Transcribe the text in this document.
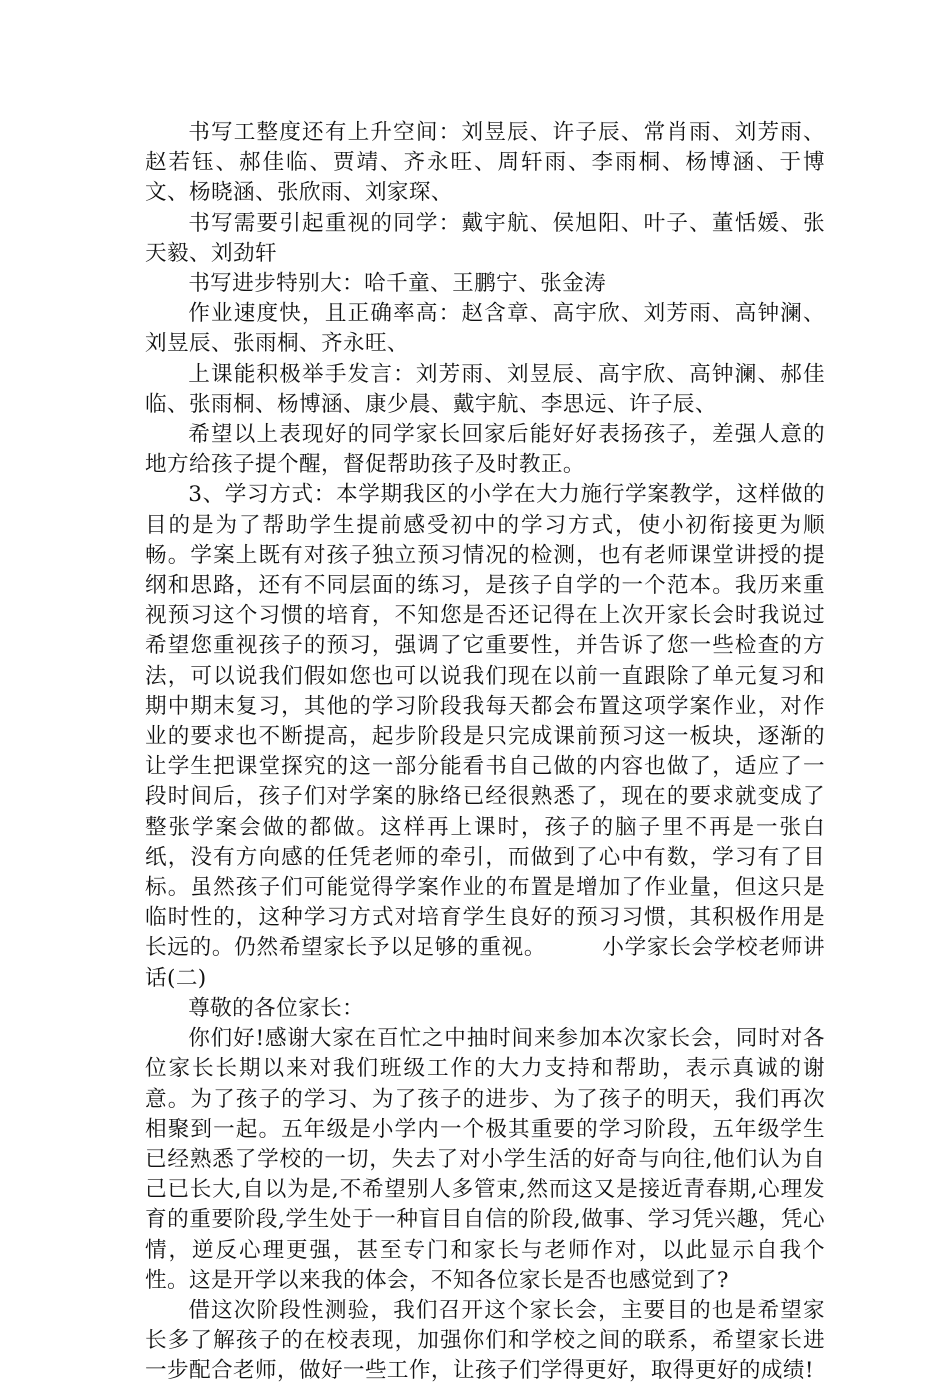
书写工整度还有上升空间：刘昱辰、许子辰、常肖雨、刘芳雨、赵若钰、郝佳临、贾靖、齐永旺、周轩雨、李雨桐、杨博涵、于博文、杨晓涵、张欣雨、刘家琛、

书写需要引起重视的同学：戴宇航、侯旭阳、叶子、董恬媛、张天毅、刘劲轩

书写进步特别大：哈千童、王鹏宁、张金涛

作业速度快，且正确率高：赵含章、高宇欣、刘芳雨、高钟澜、刘昱辰、张雨桐、齐永旺、

上课能积极举手发言：刘芳雨、刘昱辰、高宇欣、高钟澜、郝佳临、张雨桐、杨博涵、康少晨、戴宇航、李思远、许子辰、

希望以上表现好的同学家长回家后能好好表扬孩子，差强人意的地方给孩子提个醒，督促帮助孩子及时教正。

3、学习方式：本学期我区的小学在大力施行学案教学，这样做的目的是为了帮助学生提前感受初中的学习方式，使小初衔接更为顺畅。学案上既有对孩子独立预习情况的检测，也有老师课堂讲授的提纲和思路，还有不同层面的练习，是孩子自学的一个范本。我历来重视预习这个习惯的培育，不知您是否还记得在上次开家长会时我说过希望您重视孩子的预习，强调了它重要性，并告诉了您一些检查的方法，可以说我们假如您也可以说我们现在以前一直跟除了单元复习和期中期末复习，其他的学习阶段我每天都会布置这项学案作业，对作业的要求也不断提高，起步阶段是只完成课前预习这一板块，逐渐的让学生把课堂探究的这一部分能看书自己做的内容也做了，适应了一段时间后，孩子们对学案的脉络已经很熟悉了，现在的要求就变成了整张学案会做的都做。这样再上课时，孩子的脑子里不再是一张白纸，没有方向感的任凭老师的牵引，而做到了心中有数，学习有了目标。虽然孩子们可能觉得学案作业的布置是增加了作业量，但这只是临时性的，这种学习方式对培育学生良好的预习习惯，其积极作用是长远的。仍然希望家长予以足够的重视。	小学家长会学校老师讲话(二)

尊敬的各位家长：

你们好!感谢大家在百忙之中抽时间来参加本次家长会，同时对各位家长长期以来对我们班级工作的大力支持和帮助，表示真诚的谢意。为了孩子的学习、为了孩子的进步、为了孩子的明天，我们再次相聚到一起。五年级是小学内一个极其重要的学习阶段，五年级学生已经熟悉了学校的一切，失去了对小学生活的好奇与向往,他们认为自己已长大,自以为是,不希望别人多管束,然而这又是接近青春期,心理发育的重要阶段,学生处于一种盲目自信的阶段,做事、学习凭兴趣，凭心情，逆反心理更强，甚至专门和家长与老师作对，以此显示自我个性。这是开学以来我的体会，不知各位家长是否也感觉到了?

借这次阶段性测验，我们召开这个家长会，主要目的也是希望家长多了解孩子的在校表现，加强你们和学校之间的联系，希望家长进一步配合老师，做好一些工作，让孩子们学得更好，取得更好的成绩!
